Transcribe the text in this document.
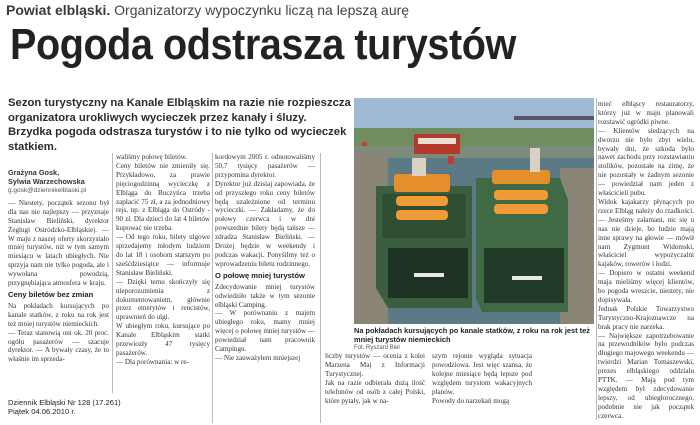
Powiat elbląski. Organizatorzy wypoczynku liczą na lepszą aurę
Pogoda odstrasza turystów
Sezon turystyczny na Kanale Elbląskim na razie nie rozpieszcza organizatora urokliwych wycieczek przez kanały i śluzy. Brzydka pogoda odstrasza turystów i to nie tylko od wycieczek statkiem.
Grażyna Gosk,
Sylwia Warzechowska
g.gosk@dziennikelblaski.pl
— Niestety, początek sezonu był dla nas nie najlepszy — przyznaje Stanisław Bieliński, dyrektor Żeglugi Ostródzko-Elbląskiej. — W maju z naszej oferty skorzystało mniej turystów, niż w tym samym miesiącu w latach ubiegłych. Nie sprzyja nam nie tylko pogoda, ale i wywołana powodzią, przygnębiająca atmosfera w kraju.
Ceny biletów bez zmian
Na pokładach kursujących po kanale statków, z roku na rok jest też mniej turystów niemieckich.
— Teraz stanowią oni ok. 20 proc. ogółu pasażerów — szacuje dyrektor. — A bywały czasy, że to właśnie im sprzeda-
waliśmy połowę biletów.
Ceny biletów nie zmieniły się. Przykładowo, za prawie pięciogodzinną wycieczkę z Elbląga do Buczyńca trzeba zapłacić 75 zł, a za jednodniowy rejs, np. z Elbląga do Ostródy - 90 zł. Dla dzieci do lat 4 biletów kupować nie trzeba.
— Od tego roku, bilety ulgowe sprzedajemy młodym ludziom do lat 18 i osobom starszym po sześćdziesiątce — informuje Stanisław Bieliński.
— Dzięki temu skończyły się nieporozumienia z dokumentowaniem, głównie przez emerytów i rencistów, uprawnień do ulgi.
W ubiegłym roku, kursujące po Kanale Elbląskim statki przewiozły 47 tysięcy pasażerów.
— Dla porównania: w re-
kordowym 2005 r. odnotowaliśmy 50,7 tysięcy pasażerów — przypomina dyrektor.
Dyrektor już dzisiaj zapowiada, że od przyszłego roku ceny biletów będą uzależnione od terminu wycieczki. — Zakładamy, że do połowy czerwca i w dni powszednie bilety będą tańsze — zdradza Stanisław Bieliński. — Drożej będzie w weekendy i podczas wakacji. Ponyśilmy też o wprowadzeniu biletu rodzinnego.
O połowę mniej turystów
Zdecydowanie mniej turystów odwiedziło także w tym sezonie elbląski Camping.
— W porównaniu z majem ubiegłego roku, mamy mniej więcej o połowę mniej turystów — powiedział nam pracownik Campingu.
— Nie zauważyłem mniejszej
Na pokładach kursujących po kanale statków, z roku na rok jest też mniej turystów niemieckich
Fot. Ryszard Biel
liczby turystów — ocenia z kolei Marzena Maj z Informacji Turystycznej.
Jak na razie odbierała dużą ilość telefonów od osób z całej Polski, które pytały, jak w na-
szym rejonie wygląda sytuacja powodziowa. Jest więc szansa, że kolejne miesiące będą lepsze pod względem turystom wakacyjnych planów.
Powody do narzekań mogą
mieć elbląscy restauratorzy, którzy już w maju planowali rozstawić ogródki piwne.
— Klientów siedzących na dworzu nie było zbyt wielu, bywały dni, że szkoda było nawet zachodu przy rozstawianiu stolików, pozostałe na zimę, że nie pozostały w żadnym sezonie — powiedział nam jeden z właścicieli pubu.
Widok kajakarzy płynących po rzece Elbląg należy do rzadkości. — Jesteśmy załamani, nic się u nas nie dzieje, bo ludzie mają inne sprawy na głowie — mówił nam Zygmunt Widomski, właściciel wypożyczalni kajaków, rowerów i łodzi.
— Dopiero w ostatni weekend maja mieliśmy więcej klientów, bo pogoda wreszcie, niestety, nie dopisywała.
Jednak Polskie Towarzystwo Turystyczno-Krajoznawcze na brak pracy nie narzeka.
— Największe zapotrzebowanie na przewodników było podczas długiego majowego weekendu — twierdzi Marian Tomaszewski, prezes elbląskiego oddziału PTTK. — Mają pod tym względem był zdecydowanie lepszy, od ubiegłorocznego, podobnie nie jak początek czerwca.
Dziennik Elbląski Nr 128 (17.261)
Piątek 04.06.2010 r.
